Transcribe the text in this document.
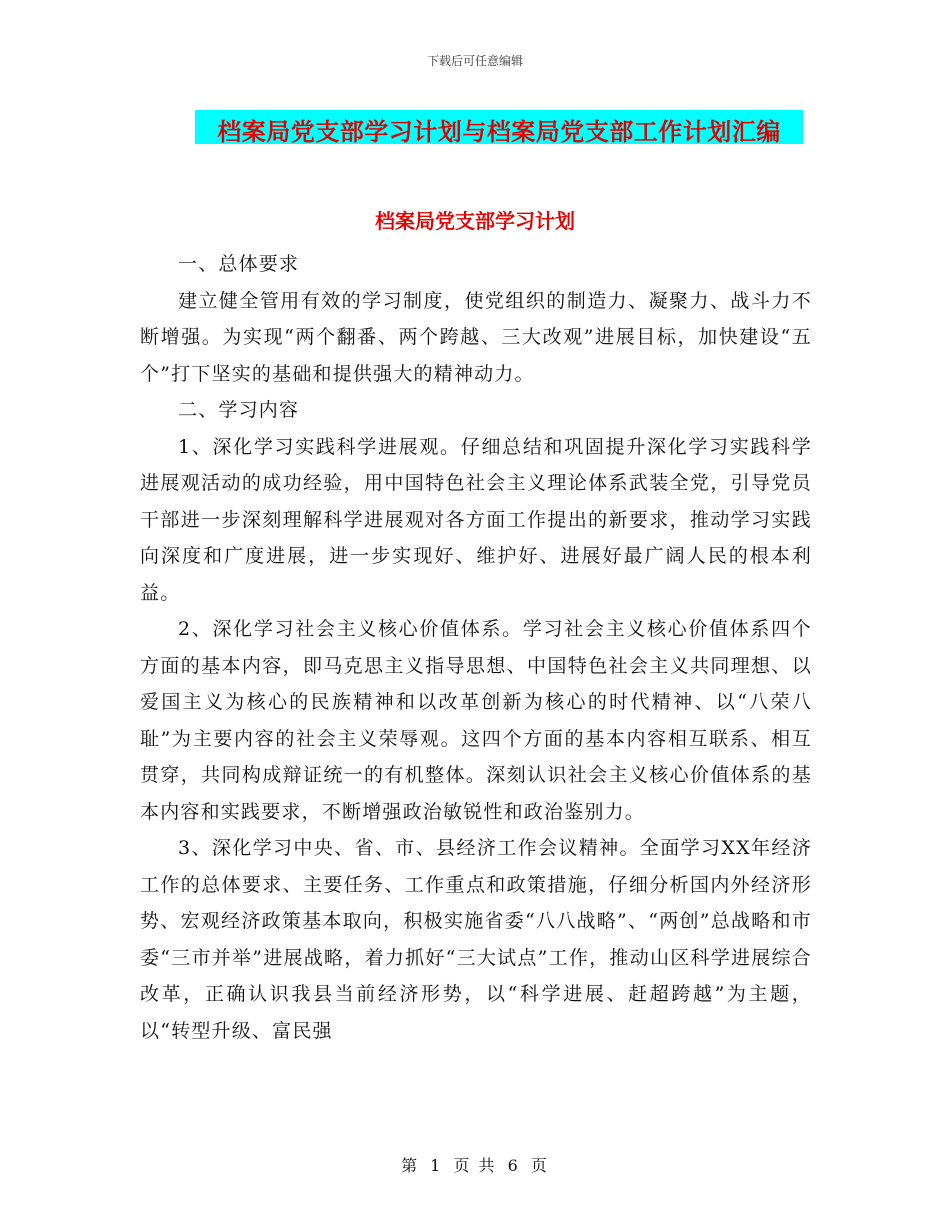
下载后可任意编辑
档案局党支部学习计划与档案局党支部工作计划汇编
档案局党支部学习计划

一、总体要求

建立健全管用有效的学习制度，使党组织的制造力、凝聚力、战斗力不断增强。为实现“两个翻番、两个跨越、三大改观”进展目标，加快建设“五个”打下坚实的基础和提供强大的精神动力。

二、学习内容

1、深化学习实践科学进展观。仔细总结和巩固提升深化学习实践科学进展观活动的成功经验，用中国特色社会主义理论体系武装全党，引导党员干部进一步深刻理解科学进展观对各方面工作提出的新要求，推动学习实践向深度和广度进展，进一步实现好、维护好、进展好最广阔人民的根本利益。

2、深化学习社会主义核心价值体系。学习社会主义核心价值体系四个方面的基本内容，即马克思主义指导思想、中国特色社会主义共同理想、以爱国主义为核心的民族精神和以改革创新为核心的时代精神、以“八荣八耻”为主要内容的社会主义荣辱观。这四个方面的基本内容相互联系、相互贯穿，共同构成辩证统一的有机整体。深刻认识社会主义核心价值体系的基本内容和实践要求，不断增强政治敏锐性和政治鉴别力。

3、深化学习中央、省、市、县经济工作会议精神。全面学习XX年经济工作的总体要求、主要任务、工作重点和政策措施，仔细分析国内外经济形势、宏观经济政策基本取向，积极实施省委“八八战略”、“两创”总战略和市委“三市并举”进展战略，着力抓好“三大试点”工作，推动山区科学进展综合改革，正确认识我县当前经济形势，以“科学进展、赶超跨越”为主题，以“转型升级、富民强

第 1 页 共 6 页
